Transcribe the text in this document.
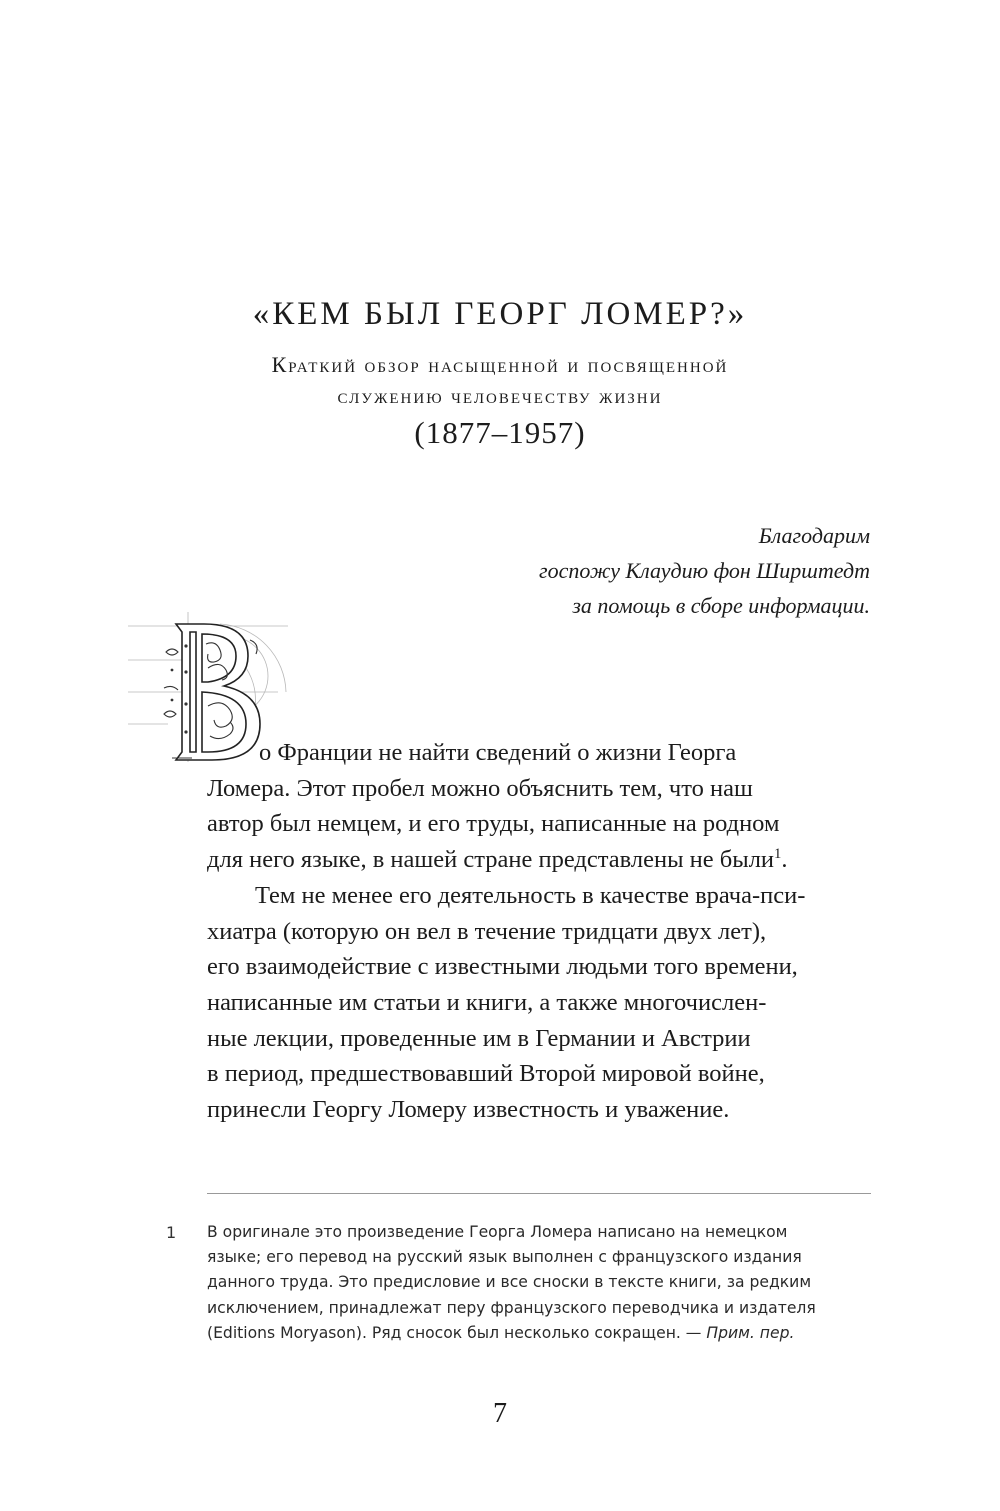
«КЕМ БЫЛ ГЕОРГ ЛОМЕР?»
Краткий обзор насыщенной и посвященной
служению человечеству жизни
(1877–1957)
Благодарим
госпожу Клаудию фон Ширштедт
за помощь в сборе информации.

о Франции не найти сведений о жизни Георга
Ломера. Этот пробел можно объяснить тем, что наш
автор был немцем, и его труды, написанные на родном
для него языке, в нашей стране представлены не были$^1$.

Тем не менее его деятельность в качестве врача-пси-
хиатра (которую он вел в течение тридцати двух лет),
его взаимодействие с известными людьми того времени,
написанные им статьи и книги, а также многочислен-
ные лекции, проведенные им в Германии и Австрии
в период, предшествовавший Второй мировой войне,
принесли Георгу Ломеру известность и уважение.

1 В оригинале это произведение Георга Ломера написано на немецком
языке; его перевод на русский язык выполнен с французского издания
данного труда. Это предисловие и все сноски в тексте книги, за редким
исключением, принадлежат перу французского переводчика и издателя
(Editions Moryason). Ряд сносок был несколько сокращен. — Прим. пер.
7
